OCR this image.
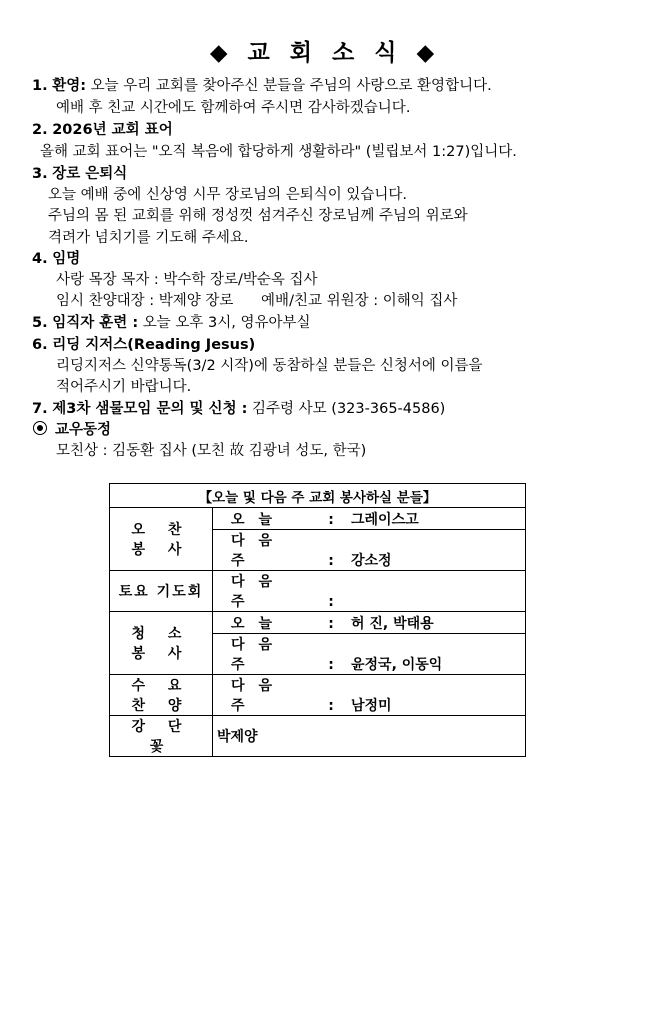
◆ 교 회 소 식 ◆
1. 환영: 오늘 우리 교회를 찾아주신 분들을 주님의 사랑으로 환영합니다.
예배 후 친교 시간에도 함께하여 주시면 감사하겠습니다.
2. 2026년 교회 표어
올해 교회 표어는 "오직 복음에 합당하게 생활하라" (빌립보서 1:27)입니다.
3. 장로 은퇴식
오늘 예배 중에 신상영 시무 장로님의 은퇴식이 있습니다.
주님의 몸 된 교회를 위해 정성껏 섬겨주신 장로님께 주님의 위로와
격려가 넘치기를 기도해 주세요.
4. 임명
사랑 목장 목자 : 박수학 장로/박순옥 집사
임시 찬양대장 : 박제양 장로      예배/친교 위원장 : 이해익 집사
5. 임직자 훈련 : 오늘 오후 3시, 영유아부실
6. 리딩 지저스(Reading Jesus)
리딩지저스 신약통독(3/2 시작)에 동참하실 분들은 신청서에 이름을
적어주시기 바랍니다.
7. 제3차 샘물모임 문의 및 신청 : 김주령 사모 (323-365-4586)
교우동정
모친상 : 김동환 집사 (모친 故 김광녀 성도, 한국)
【오늘 및 다음 주 교회 봉사하실 분들】	
오 찬 봉 사	오늘 : 그레이스고
	다음주 : 강소정
토요 기도회	다음주 :
청 소 봉 사	오늘 : 허 진, 박태용
	다음주 : 윤정국, 이동익
수 요 찬 양	다음주 : 남정미
강 단 꽃	박제양
